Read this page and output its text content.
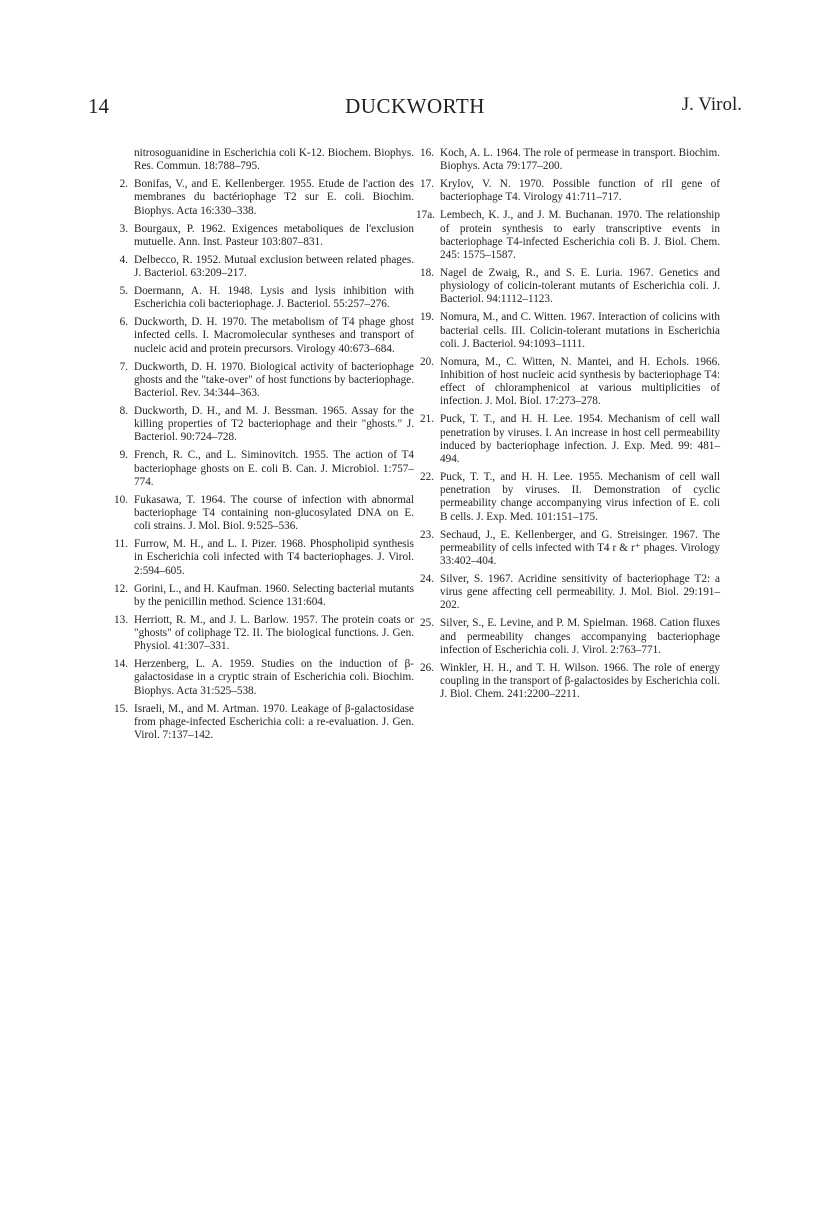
14	DUCKWORTH	J. Virol.
nitrosoguanidine in Escherichia coli K-12. Biochem. Biophys. Res. Commun. 18:788–795.
2. Bonifas, V., and E. Kellenberger. 1955. Etude de l'action des membranes du bactériophage T2 sur E. coli. Biochim. Biophys. Acta 16:330–338.
3. Bourgaux, P. 1962. Exigences metaboliques de l'exclusion mutuelle. Ann. Inst. Pasteur 103:807–831.
4. Delbecco, R. 1952. Mutual exclusion between related phages. J. Bacteriol. 63:209–217.
5. Doermann, A. H. 1948. Lysis and lysis inhibition with Escherichia coli bacteriophage. J. Bacteriol. 55:257–276.
6. Duckworth, D. H. 1970. The metabolism of T4 phage ghost infected cells. I. Macromolecular syntheses and transport of nucleic acid and protein precursors. Virology 40:673–684.
7. Duckworth, D. H. 1970. Biological activity of bacteriophage ghosts and the "take-over" of host functions by bacteriophage. Bacteriol. Rev. 34:344–363.
8. Duckworth, D. H., and M. J. Bessman. 1965. Assay for the killing properties of T2 bacteriophage and their "ghosts." J. Bacteriol. 90:724–728.
9. French, R. C., and L. Siminovitch. 1955. The action of T4 bacteriophage ghosts on E. coli B. Can. J. Microbiol. 1:757–774.
10. Fukasawa, T. 1964. The course of infection with abnormal bacteriophage T4 containing non-glucosylated DNA on E. coli strains. J. Mol. Biol. 9:525–536.
11. Furrow, M. H., and L. I. Pizer. 1968. Phospholipid synthesis in Escherichia coli infected with T4 bacteriophages. J. Virol. 2:594–605.
12. Gorini, L., and H. Kaufman. 1960. Selecting bacterial mutants by the penicillin method. Science 131:604.
13. Herriott, R. M., and J. L. Barlow. 1957. The protein coats or "ghosts" of coliphage T2. II. The biological functions. J. Gen. Physiol. 41:307–331.
14. Herzenberg, L. A. 1959. Studies on the induction of β-galactosidase in a cryptic strain of Escherichia coli. Biochim. Biophys. Acta 31:525–538.
15. Israeli, M., and M. Artman. 1970. Leakage of β-galactosidase from phage-infected Escherichia coli: a re-evaluation. J. Gen. Virol. 7:137–142.
16. Koch, A. L. 1964. The role of permease in transport. Biochim. Biophys. Acta 79:177–200.
17. Krylov, V. N. 1970. Possible function of rII gene of bacteriophage T4. Virology 41:711–717.
17a. Lembech, K. J., and J. M. Buchanan. 1970. The relationship of protein synthesis to early transcriptive events in bacteriophage T4-infected Escherichia coli B. J. Biol. Chem. 245: 1575–1587.
18. Nagel de Zwaig, R., and S. E. Luria. 1967. Genetics and physiology of colicin-tolerant mutants of Escherichia coli. J. Bacteriol. 94:1112–1123.
19. Nomura, M., and C. Witten. 1967. Interaction of colicins with bacterial cells. III. Colicin-tolerant mutations in Escherichia coli. J. Bacteriol. 94:1093–1111.
20. Nomura, M., C. Witten, N. Mantei, and H. Echols. 1966. Inhibition of host nucleic acid synthesis by bacteriophage T4: effect of chloramphenicol at various multiplicities of infection. J. Mol. Biol. 17:273–278.
21. Puck, T. T., and H. H. Lee. 1954. Mechanism of cell wall penetration by viruses. I. An increase in host cell permeability induced by bacteriophage infection. J. Exp. Med. 99: 481–494.
22. Puck, T. T., and H. H. Lee. 1955. Mechanism of cell wall penetration by viruses. II. Demonstration of cyclic permeability change accompanying virus infection of E. coli B cells. J. Exp. Med. 101:151–175.
23. Sechaud, J., E. Kellenberger, and G. Streisinger. 1967. The permeability of cells infected with T4 r & r⁺ phages. Virology 33:402–404.
24. Silver, S. 1967. Acridine sensitivity of bacteriophage T2: a virus gene affecting cell permeability. J. Mol. Biol. 29:191–202.
25. Silver, S., E. Levine, and P. M. Spielman. 1968. Cation fluxes and permeability changes accompanying bacteriophage infection of Escherichia coli. J. Virol. 2:763–771.
26. Winkler, H. H., and T. H. Wilson. 1966. The role of energy coupling in the transport of β-galactosides by Escherichia coli. J. Biol. Chem. 241:2200–2211.
